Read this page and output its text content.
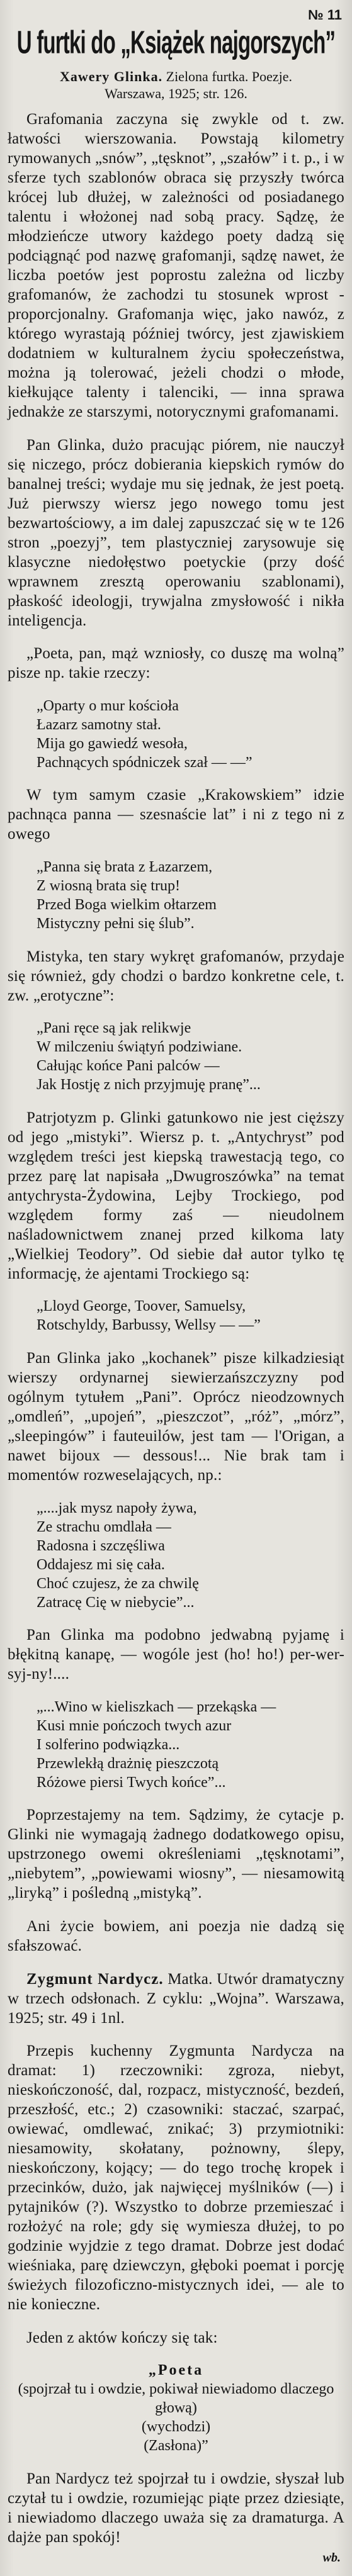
№ 11
U furtki do „Książek najgorszych”
Xawery Glinka. Zielona furtka. Poezje.
Warszawa, 1925; str. 126.

Grafomania zaczyna się zwykle od t. zw. łatwości wierszowania. Powstają kilometry rymowanych „snów”, „tęsknot”, „szałów” i t. p., i w sferze tych szablonów obraca się przyszły twórca krócej lub dłużej, w zależności od posiadanego talentu i włożonej nad sobą pracy. Sądzę, że młodzieńcze utwory każdego poety dadzą się podciągnąć pod nazwę grafomanji, sądzę nawet, że liczba poetów jest poprostu zależna od liczby grafomanów, że zachodzi tu stosunek wprost - proporcjonalny. Grafomanja więc, jako nawóz, z którego wyrastają później twórcy, jest zjawiskiem dodatniem w kulturalnem życiu społeczeństwa, można ją tolerować, jeżeli chodzi o młode, kiełkujące talenty i talenciki, — inna sprawa jednakże ze starszymi, notorycznymi grafomanami.

Pan Glinka, dużo pracując piórem, nie nauczył się niczego, prócz dobierania kiepskich rymów do banalnej treści; wydaje mu się jednak, że jest poetą. Już pierwszy wiersz jego nowego tomu jest bezwartościowy, a im dalej zapuszczać się w te 126 stron „poezyj”, tem plastyczniej zarysowuje się klasyczne niedołęstwo poetyckie (przy dość wprawnem zresztą operowaniu szablonami), płaskość ideologji, trywjalna zmysłowość i nikła inteligencja.

„Poeta, pan, mąż wzniosły, co duszę ma wolną” pisze np. takie rzeczy:

„Oparty o mur kościoła
Łazarz samotny stał.
Mija go gawiedź wesoła,
Pachnących spódniczek szał — —”

W tym samym czasie „Krakowskiem” idzie pachnąca panna — szesnaście lat” i ni z tego ni z owego

„Panna się brata z Łazarzem,
Z wiosną brata się trup!
Przed Boga wielkim ołtarzem
Mistyczny pełni się ślub”.

Mistyka, ten stary wykręt grafomanów, przydaje się również, gdy chodzi o bardzo konkretne cele, t. zw. „erotyczne”:

„Pani ręce są jak relikwje
W milczeniu świątyń podziwiane.
Całując końce Pani palców —
Jak Hostję z nich przyjmuję pranę”...

Patrjotyzm p. Glinki gatunkowo nie jest cięższy od jego „mistyki”. Wiersz p. t. „Antychryst” pod względem treści jest kiepską trawestacją tego, co przez parę lat napisała „Dwugroszówka” na temat antychrysta-Żydowina, Lejby Trockiego, pod względem formy zaś — nieudolnem naśladownictwem znanej przed kilkoma laty „Wielkiej Teodory”. Od siebie dał autor tylko tę informację, że ajentami Trockiego są:

„Lloyd George, Toover, Samuelsy,
Rotschyldy, Barbussy, Wellsy — —”

Pan Glinka jako „kochanek” pisze kilkadziesiąt wierszy ordynarnej siewierzańszczyzny pod ogólnym tytułem „Pani”. Oprócz nieodzownych „omdleń”, „upojeń”, „pieszczot”, „róż”, „mórz”, „sleepingów” i fauteuilów, jest tam — l'Origan, a nawet bijoux — dessous!... Nie brak tam i momentów rozweselających, np.:

„....jak mysz napoły żywa,
Ze strachu omdlała —
Radosna i szczęśliwa
Oddajesz mi się cała.
Choć czujesz, że za chwilę
Zatracę Cię w niebycie”...

Pan Glinka ma podobno jedwabną pyjamę i błękitną kanapę, — wogóle jest (ho! ho!) per-wer-syj-ny!....

„...Wino w kieliszkach — przekąska —
Kusi mnie pończoch twych azur
I solferino podwiązka...
Przewlekłą drażnię pieszczotą
Różowe piersi Twych końce”...

Poprzestajemy na tem. Sądzimy, że cytacje p. Glinki nie wymagają żadnego dodatkowego opisu, upstrzonego owemi określeniami „tęsknotami”, „niebytem”, „powiewami wiosny”, — niesamowitą „liryką” i pośledną „mistyką”.

Ani życie bowiem, ani poezja nie dadzą się sfałszować.

Zygmunt Nardycz. Matka. Utwór dramatyczny w trzech odsłonach. Z cyklu: „Wojna”. Warszawa, 1925; str. 49 i 1nl.

Przepis kuchenny Zygmunta Nardycza na dramat: 1) rzeczowniki: zgroza, niebyt, nieskończoność, dal, rozpacz, mistyczność, bezdeń, przeszłość, etc.; 2) czasowniki: staczać, szarpać, owiewać, omdlewać, znikać; 3) przymiotniki: niesamowity, skołatany, pożnowny, ślepy, nieskończony, kojący; — do tego trochę kropek i przecinków, dużo, jak najwięcej myślników (—) i pytajników (?). Wszystko to dobrze przemieszać i rozłożyć na role; gdy się wymiesza dłużej, to po godzinie wyjdzie z tego dramat. Dobrze jest dodać wieśniaka, parę dziewczyn, głęboki poemat i porcję świeżych filozoficzno-mistycznych idei, — ale to nie konieczne.

Jeden z aktów kończy się tak:

„Poeta
(spojrzał tu i owdzie, pokiwał niewiadomo dlaczego głową)
(wychodzi)
(Zasłona)”

Pan Nardycz też spojrzał tu i owdzie, słyszał lub czytał tu i owdzie, rozumiejąc piąte przez dziesiąte, i niewiadomo dlaczego uważa się za dramaturga. A dajże pan spokój!

wb.
